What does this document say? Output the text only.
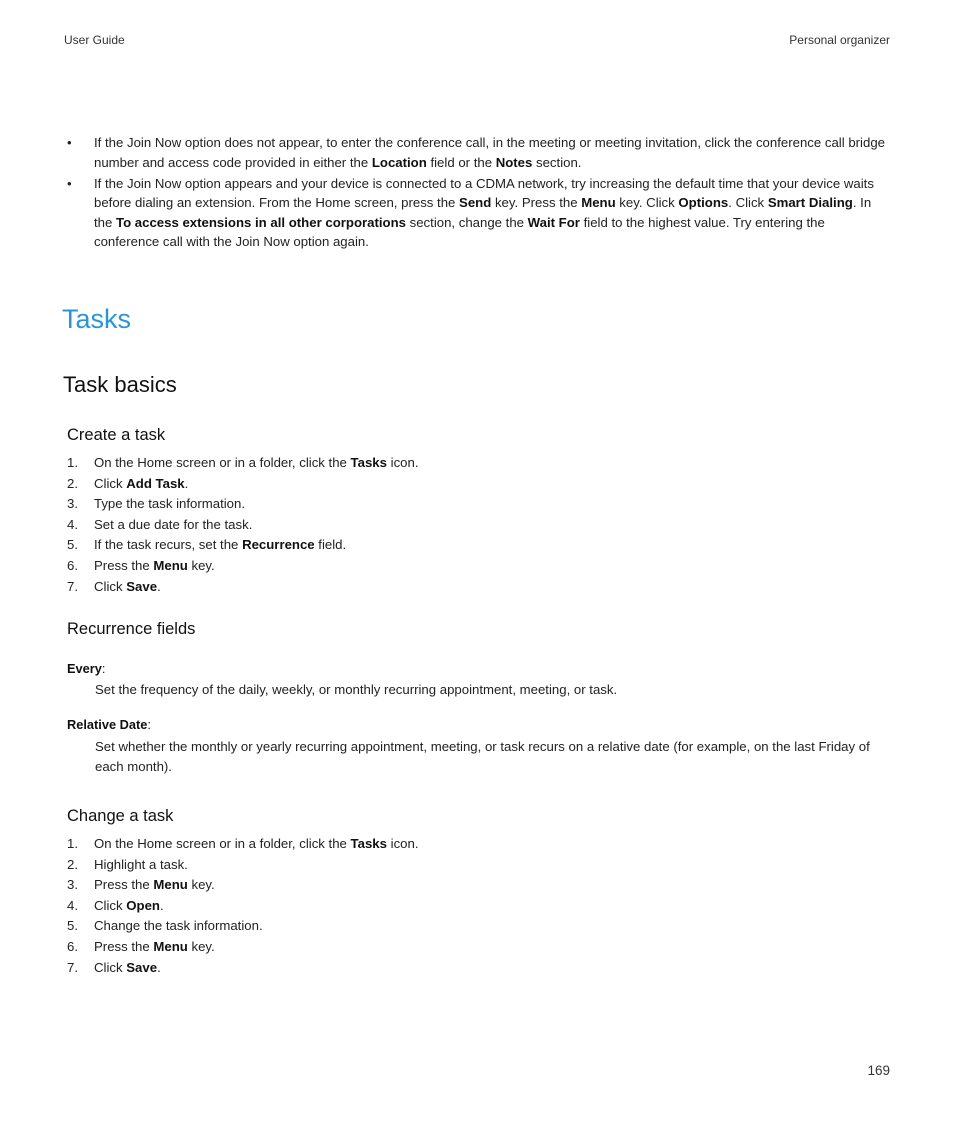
User Guide	Personal organizer
• If the Join Now option does not appear, to enter the conference call, in the meeting or meeting invitation, click the conference call bridge number and access code provided in either the Location field or the Notes section.
• If the Join Now option appears and your device is connected to a CDMA network, try increasing the default time that your device waits before dialing an extension. From the Home screen, press the Send key. Press the Menu key. Click Options. Click Smart Dialing. In the To access extensions in all other corporations section, change the Wait For field to the highest value. Try entering the conference call with the Join Now option again.
Tasks
Task basics
Create a task
1. On the Home screen or in a folder, click the Tasks icon.
2. Click Add Task.
3. Type the task information.
4. Set a due date for the task.
5. If the task recurs, set the Recurrence field.
6. Press the Menu key.
7. Click Save.
Recurrence fields
Every:
Set the frequency of the daily, weekly, or monthly recurring appointment, meeting, or task.
Relative Date:
Set whether the monthly or yearly recurring appointment, meeting, or task recurs on a relative date (for example, on the last Friday of each month).
Change a task
1. On the Home screen or in a folder, click the Tasks icon.
2. Highlight a task.
3. Press the Menu key.
4. Click Open.
5. Change the task information.
6. Press the Menu key.
7. Click Save.
169
